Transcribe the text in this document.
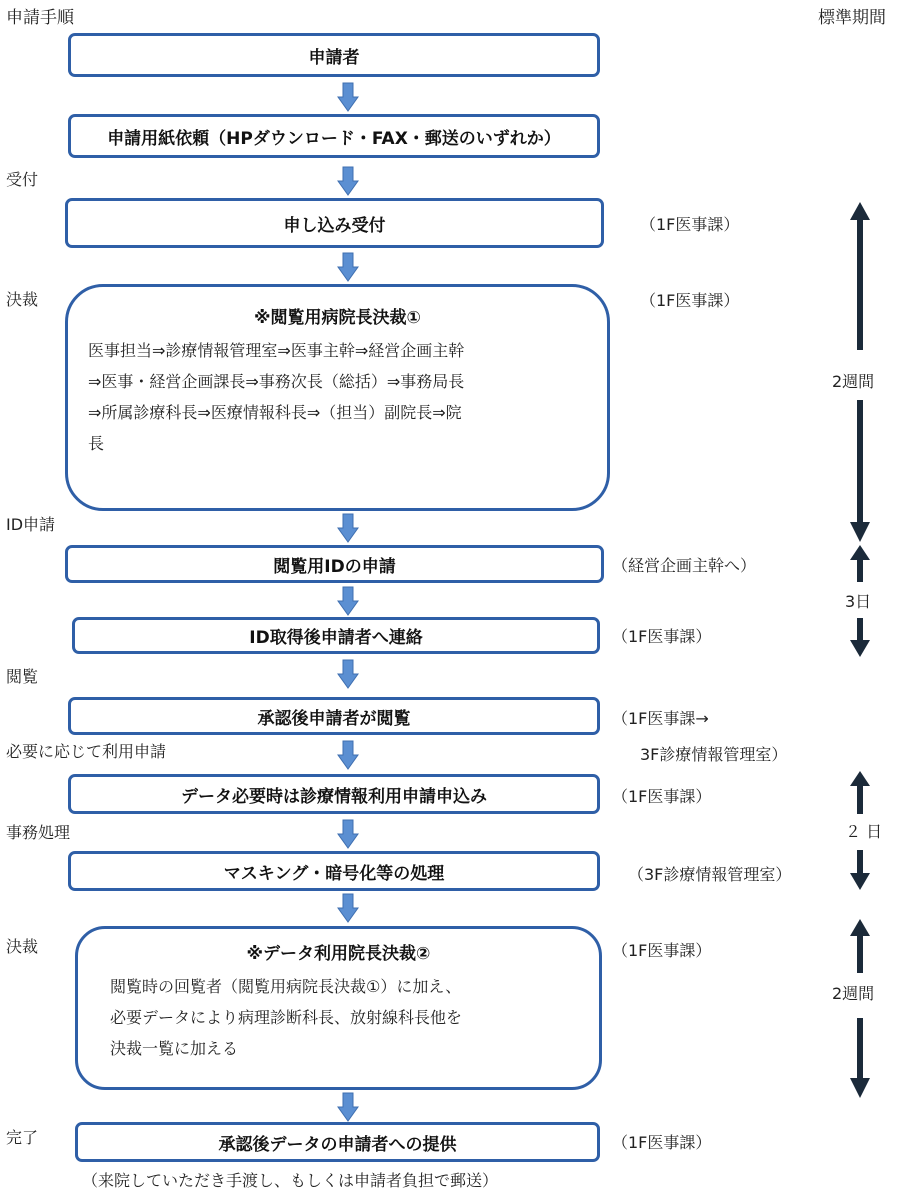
申請手順	標準期間
受付
決裁
ID申請
閲覧
必要に応じて利用申請
事務処理
決裁
完了
申請者
申請用紙依頼（HPダウンロード・FAX・郵送のいずれか）
申し込み受付
※閲覧用病院長決裁①
医事担当⇒診療情報管理室⇒医事主幹⇒経営企画主幹
⇒医事・経営企画課長⇒事務次長（総括）⇒事務局長
⇒所属診療科長⇒医療情報科長⇒（担当）副院長⇒院
長
閲覧用IDの申請
ID取得後申請者へ連絡
承認後申請者が閲覧
データ必要時は診療情報利用申請申込み
マスキング・暗号化等の処理
※データ利用院長決裁②
閲覧時の回覧者（閲覧用病院長決裁①）に加え、
必要データにより病理診断科長、放射線科長他を
決裁一覧に加える
承認後データの申請者への提供
（来院していただき手渡し、もしくは申請者負担で郵送）
（1F医事課）
（1F医事課）
（経営企画主幹へ）
（1F医事課）
（1F医事課→
3F診療情報管理室）
（1F医事課）
（3F診療情報管理室）
（1F医事課）
（1F医事課）
2週間
3日
２ 日
2週間
